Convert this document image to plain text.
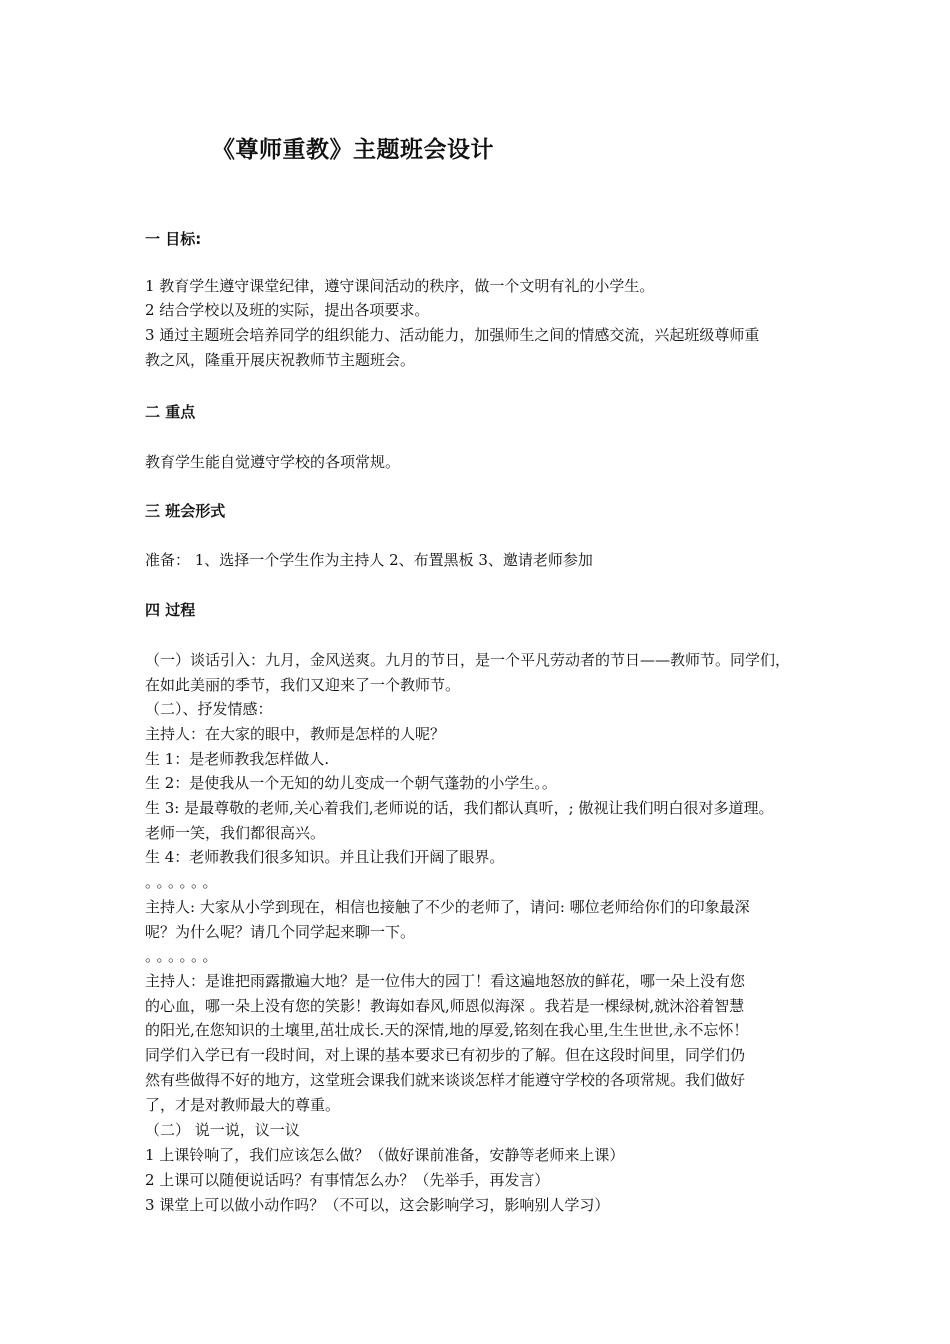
《尊师重教》主题班会设计
一 目标:
1 教育学生遵守课堂纪律，遵守课间活动的秩序，做一个文明有礼的小学生。
2 结合学校以及班的实际，提出各项要求。
3 通过主题班会培养同学的组织能力、活动能力，加强师生之间的情感交流，兴起班级尊师重
教之风，隆重开展庆祝教师节主题班会。
二 重点
教育学生能自觉遵守学校的各项常规。
三 班会形式
准备： 1、选择一个学生作为主持人 2、布置黑板 3、邀请老师参加
四 过程
（一）谈话引入：九月，金风送爽。九月的节日，是一个平凡劳动者的节日——教师节。同学们，
在如此美丽的季节，我们又迎来了一个教师节。
（二）、抒发情感：
主持人：在大家的眼中，教师是怎样的人呢？
生 1：是老师教我怎样做人.
生 2：是使我从一个无知的幼儿变成一个朝气蓬勃的小学生。。
生 3: 是最尊敬的老师,关心着我们,老师说的话，我们都认真听，; 傲视让我们明白很对多道理。
老师一笑，我们都很高兴。
生 4：老师教我们很多知识。并且让我们开阔了眼界。
。。。。。。
主持人: 大家从小学到现在，相信也接触了不少的老师了，请问: 哪位老师给你们的印象最深
呢？为什么呢？请几个同学起来聊一下。
。。。。。。
主持人：是谁把雨露撒遍大地？是一位伟大的园丁！看这遍地怒放的鲜花，哪一朵上没有您
的心血，哪一朵上没有您的笑影！教诲如春风,师恩似海深 。我若是一棵绿树,就沐浴着智慧
的阳光,在您知识的土壤里,茁壮成长.天的深情,地的厚爱,铭刻在我心里,生生世世,永不忘怀！
同学们入学已有一段时间，对上课的基本要求已有初步的了解。但在这段时间里，同学们仍
然有些做得不好的地方，这堂班会课我们就来谈谈怎样才能遵守学校的各项常规。我们做好
了，才是对教师最大的尊重。
（二） 说一说，议一议
1 上课铃响了，我们应该怎么做？（做好课前准备，安静等老师来上课）
2 上课可以随便说话吗？有事情怎么办？（先举手，再发言）
3 课堂上可以做小动作吗？（不可以，这会影响学习，影响别人学习）
